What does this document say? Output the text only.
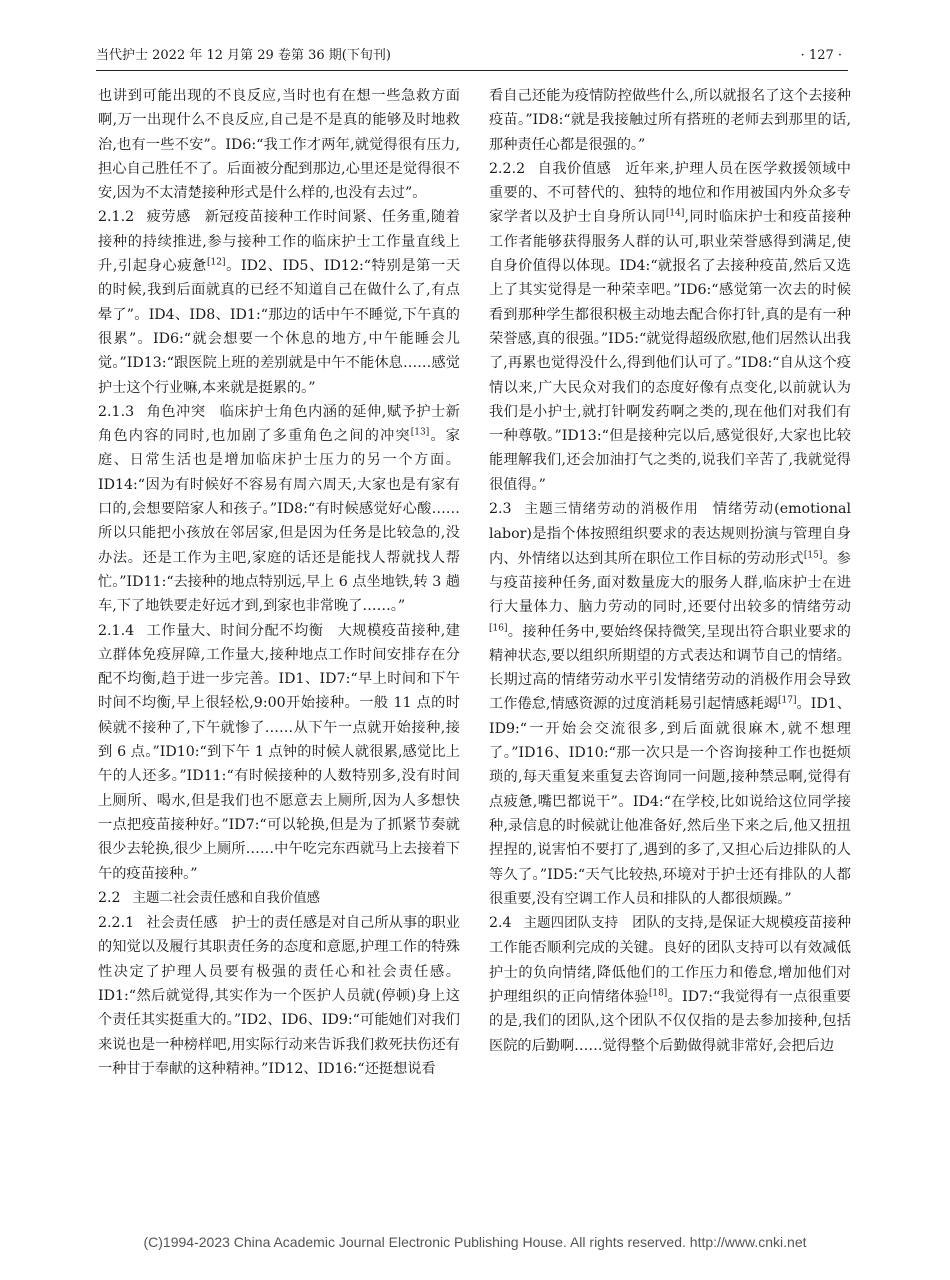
当代护士 2022 年 12 月第 29 卷第 36 期(下旬刊)	· 127 ·

也讲到可能出现的不良反应,当时也有在想一些急救方面啊,万一出现什么不良反应,自己是不是真的能够及时地救治,也有一些不安”。ID6:“我工作才两年,就觉得很有压力,担心自己胜任不了。后面被分配到那边,心里还是觉得很不安,因为不太清楚接种形式是什么样的,也没有去过”。

2.1.2 疲劳感 新冠疫苗接种工作时间紧、任务重,随着接种的持续推进,参与接种工作的临床护士工作量直线上升,引起身心疲惫[12]。ID2、ID5、ID12:“特别是第一天的时候,我到后面就真的已经不知道自己在做什么了,有点晕了”。ID4、ID8、ID1:“那边的话中午不睡觉,下午真的很累”。ID6:“就会想要一个休息的地方,中午能睡会儿觉。”ID13:“跟医院上班的差别就是中午不能休息……感觉护士这个行业嘛,本来就是挺累的。”

2.1.3 角色冲突 临床护士角色内涵的延伸,赋予护士新角色内容的同时,也加剧了多重角色之间的冲突[13]。家庭、日常生活也是增加临床护士压力的另一个方面。ID14:“因为有时候好不容易有周六周天,大家也是有家有口的,会想要陪家人和孩子。”ID8:“有时候感觉好心酸……所以只能把小孩放在邻居家,但是因为任务是比较急的,没办法。还是工作为主吧,家庭的话还是能找人帮就找人帮忙。”ID11:“去接种的地点特别远,早上 6 点坐地铁,转 3 趟车,下了地铁要走好远才到,到家也非常晚了……。”

2.1.4 工作量大、时间分配不均衡 大规模疫苗接种,建立群体免疫屏障,工作量大,接种地点工作时间安排存在分配不均衡,趋于进一步完善。ID1、ID7:“早上时间和下午时间不均衡,早上很轻松,9:00开始接种。一般 11 点的时候就不接种了,下午就惨了……从下午一点就开始接种,接到 6 点。”ID10:“到下午 1 点钟的时候人就很累,感觉比上午的人还多。”ID11:“有时候接种的人数特别多,没有时间上厕所、喝水,但是我们也不愿意去上厕所,因为人多想快一点把疫苗接种好。”ID7:“可以轮换,但是为了抓紧节奏就很少去轮换,很少上厕所……中午吃完东西就马上去接着下午的疫苗接种。”

2.2 主题二社会责任感和自我价值感

2.2.1 社会责任感 护士的责任感是对自己所从事的职业的知觉以及履行其职责任务的态度和意愿,护理工作的特殊性决定了护理人员要有极强的责任心和社会责任感。ID1:“然后就觉得,其实作为一个医护人员就(停顿)身上这个责任其实挺重大的。”ID2、ID6、ID9:“可能她们对我们来说也是一种榜样吧,用实际行动来告诉我们救死扶伤还有一种甘于奉献的这种精神。”ID12、ID16:“还挺想说看

看自己还能为疫情防控做些什么,所以就报名了这个去接种疫苗。”ID8:“就是我接触过所有搭班的老师去到那里的话,那种责任心都是很强的。”

2.2.2 自我价值感 近年来,护理人员在医学救援领域中重要的、不可替代的、独特的地位和作用被国内外众多专家学者以及护士自身所认同[14],同时临床护士和疫苗接种工作者能够获得服务人群的认可,职业荣誉感得到满足,使自身价值得以体现。ID4:“就报名了去接种疫苗,然后又选上了其实觉得是一种荣幸吧。”ID6:“感觉第一次去的时候看到那种学生都很积极主动地去配合你打针,真的是有一种荣誉感,真的很强。”ID5:“就觉得超级欣慰,他们居然认出我了,再累也觉得没什么,得到他们认可了。”ID8:“自从这个疫情以来,广大民众对我们的态度好像有点变化,以前就认为我们是小护士,就打针啊发药啊之类的,现在他们对我们有一种尊敬。”ID13:“但是接种完以后,感觉很好,大家也比较能理解我们,还会加油打气之类的,说我们辛苦了,我就觉得很值得。”

2.3 主题三情绪劳动的消极作用 情绪劳动(emotional labor)是指个体按照组织要求的表达规则扮演与管理自身内、外情绪以达到其所在职位工作目标的劳动形式[15]。参与疫苗接种任务,面对数量庞大的服务人群,临床护士在进行大量体力、脑力劳动的同时,还要付出较多的情绪劳动[16]。接种任务中,要始终保持微笑,呈现出符合职业要求的精神状态,要以组织所期望的方式表达和调节自己的情绪。长期过高的情绪劳动水平引发情绪劳动的消极作用会导致工作倦怠,情感资源的过度消耗易引起情感耗竭[17]。ID1、ID9:“一开始会交流很多,到后面就很麻木,就不想理了。”ID16、ID10:“那一次只是一个咨询接种工作也挺烦琐的,每天重复来重复去咨询同一问题,接种禁忌啊,觉得有点疲惫,嘴巴都说干”。ID4:“在学校,比如说给这位同学接种,录信息的时候就让他准备好,然后坐下来之后,他又扭扭捏捏的,说害怕不要打了,遇到的多了,又担心后边排队的人等久了。”ID5:“天气比较热,环境对于护士还有排队的人都很重要,没有空调工作人员和排队的人都很烦躁。”

2.4 主题四团队支持 团队的支持,是保证大规模疫苗接种工作能否顺利完成的关键。良好的团队支持可以有效减低护士的负向情绪,降低他们的工作压力和倦怠,增加他们对护理组织的正向情绪体验[18]。ID7:“我觉得有一点很重要的是,我们的团队,这个团队不仅仅指的是去参加接种,包括医院的后勤啊……觉得整个后勤做得就非常好,会把后边

(C)1994-2023 China Academic Journal Electronic Publishing House. All rights reserved. http://www.cnki.net
